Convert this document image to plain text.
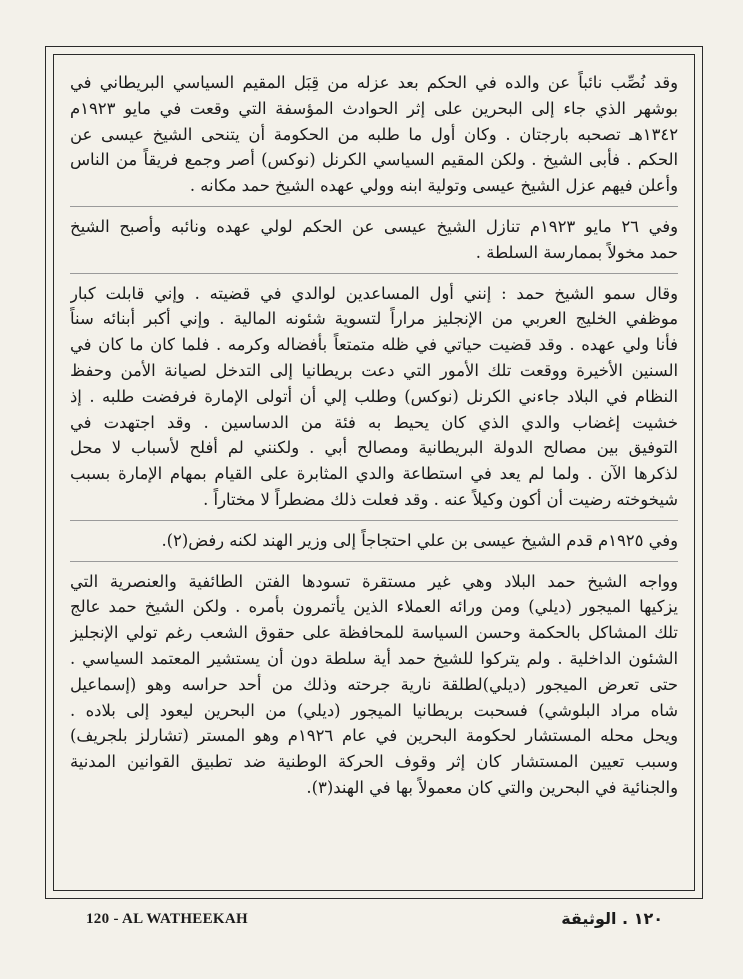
وقد نُصِّب نائباً عن والده في الحكم بعد عزله من قِبَل المقيم السياسي البريطاني في
بوشهر الذي جاء إلى البحرين على إثر الحوادث المؤسفة التي وقعت في مايو ١٩٢٣م
١٣٤٢هـ تصحبه بارجتان . وكان أول ما طلبه من الحكومة أن يتنحى الشيخ عيسى عن
الحكم . فأبى الشيخ . ولكن المقيم السياسي الكرنل (نوكس) أصر وجمع فريقاً من الناس
وأعلن فيهم عزل الشيخ عيسى وتولية ابنه وولي عهده الشيخ حمد مكانه .
وفي ٢٦ مايو ١٩٢٣م تنازل الشيخ عيسى عن الحكم لولي عهده ونائبه وأصبح الشيخ
حمد مخولاً بممارسة السلطة .
وقال سمو الشيخ حمد : إنني أول المساعدين لوالدي في قضيته . وإني قابلت كبار
موظفي الخليج العربي من الإنجليز مراراً لتسوية شئونه المالية . وإني أكبر أبنائه سناً
فأنا ولي عهده . وقد قضيت حياتي في ظله متمتعاً بأفضاله وكرمه . فلما كان ما كان في
السنين الأخيرة ووقعت تلك الأمور التي دعت بريطانيا إلى التدخل لصيانة الأمن وحفظ
النظام في البلاد جاءني الكرنل (نوكس) وطلب إلي أن أتولى الإمارة فرفضت طلبه . إذ
خشيت إغضاب والدي الذي كان يحيط به فئة من الدساسين . وقد اجتهدت في
التوفيق بين مصالح الدولة البريطانية ومصالح أبي . ولكنني لم أفلح لأسباب لا محل
لذكرها الآن . ولما لم يعد في استطاعة والدي المثابرة على القيام بمهام الإمارة بسبب
شيخوخته رضيت أن أكون وكيلاً عنه . وقد فعلت ذلك مضطراً لا مختاراً .
وفي ١٩٢٥م قدم الشيخ عيسى بن علي احتجاجاً إلى وزير الهند لكنه رفض(٢).
وواجه الشيخ حمد البلاد وهي غير مستقرة تسودها الفتن الطائفية والعنصرية التي
يزكيها الميجور (ديلي) ومن ورائه العملاء الذين يأتمرون بأمره . ولكن الشيخ حمد عالج
تلك المشاكل بالحكمة وحسن السياسة للمحافظة على حقوق الشعب رغم تولي الإنجليز
الشئون الداخلية . ولم يتركوا للشيخ حمد أية سلطة دون أن يستشير المعتمد السياسي .
حتى تعرض الميجور (ديلي)لطلقة نارية جرحته وذلك من أحد حراسه وهو (إسماعيل
شاه مراد البلوشي) فسحبت بريطانيا الميجور (ديلي) من البحرين ليعود إلى بلاده .
ويحل محله المستشار لحكومة البحرين في عام ١٩٢٦م وهو المستر (تشارلز بلجريف)
وسبب تعيين المستشار كان إثر وقوف الحركة الوطنية ضد تطبيق القوانين المدنية
والجنائية في البحرين والتي كان معمولاً بها في الهند(٣).
120 - AL WATHEEKAH	١٢٠ . الوثيقة
